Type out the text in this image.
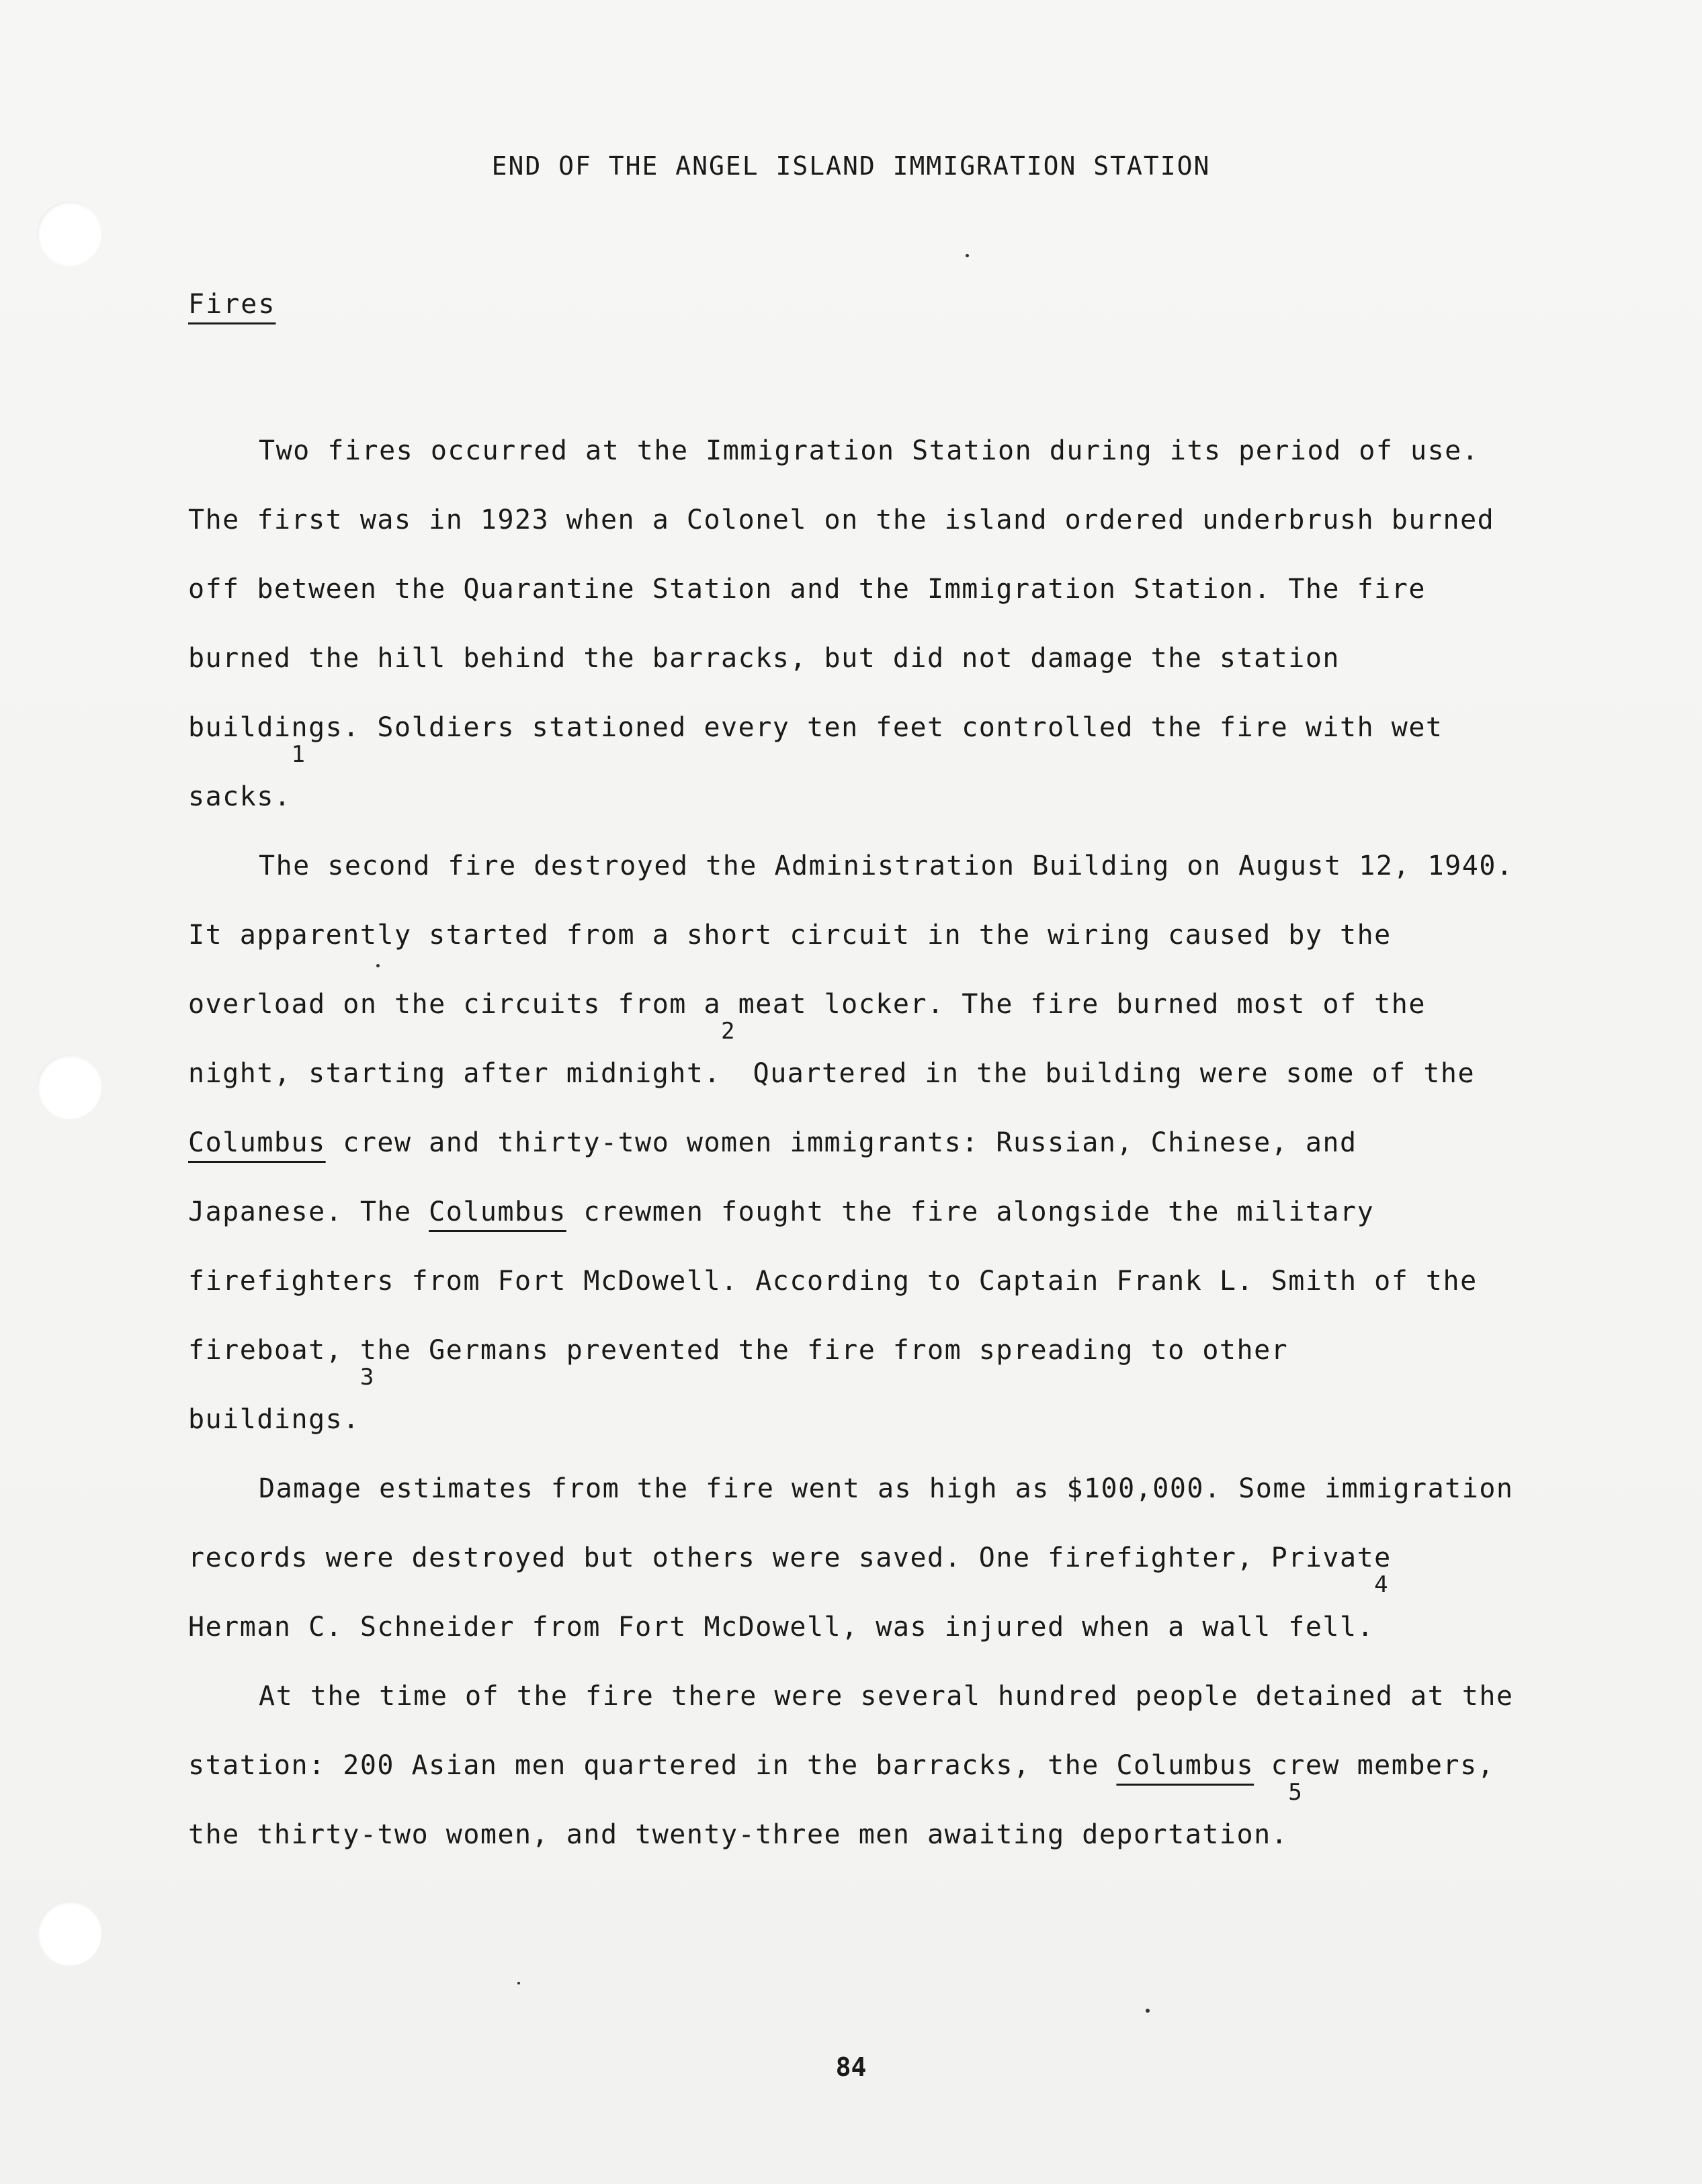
END OF THE ANGEL ISLAND IMMIGRATION STATION
Fires

Two fires occurred at the Immigration Station during its period of use.
The first was in 1923 when a Colonel on the island ordered underbrush burned
off between the Quarantine Station and the Immigration Station. The fire
burned the hill behind the barracks, but did not damage the station
buildings. Soldiers stationed every ten feet controlled the fire with wet
sacks.$^1$

The second fire destroyed the Administration Building on August 12, 1940.
It apparently started from a short circuit in the wiring caused by the
overload on the circuits from a meat locker. The fire burned most of the
night, starting after midnight.$^2$ Quartered in the building were some of the
Columbus crew and thirty-two women immigrants: Russian, Chinese, and
Japanese. The Columbus crewmen fought the fire alongside the military
firefighters from Fort McDowell. According to Captain Frank L. Smith of the
fireboat, the Germans prevented the fire from spreading to other
buildings.$^3$

Damage estimates from the fire went as high as $100,000. Some immigration
records were destroyed but others were saved. One firefighter, Private
Herman C. Schneider from Fort McDowell, was injured when a wall fell.$^4$

At the time of the fire there were several hundred people detained at the
station: 200 Asian men quartered in the barracks, the Columbus crew members,
the thirty-two women, and twenty-three men awaiting deportation.$^5$

84
